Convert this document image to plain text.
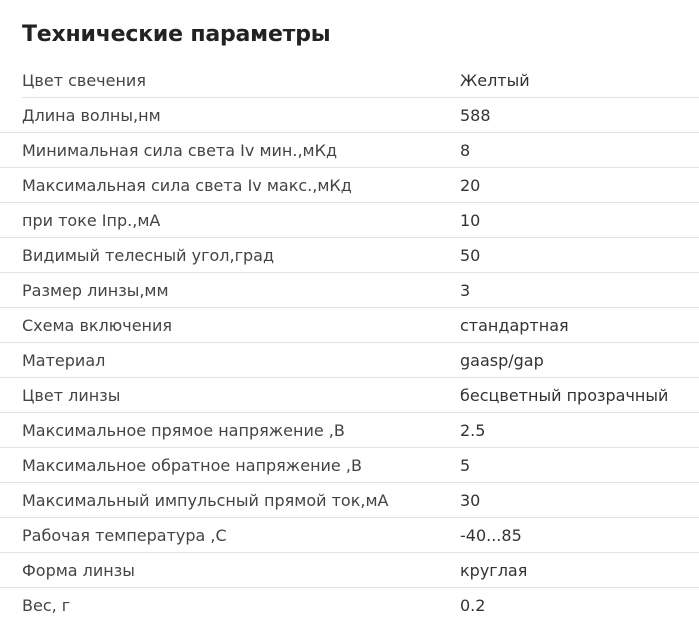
Технические параметры
Цвет свечения	Желтый
Длина волны,нм	588
Минимальная сила света Iv мин.,мКд	8
Максимальная сила света Iv макс.,мКд	20
при токе Iпр.,мА	10
Видимый телесный угол,град	50
Размер линзы,мм	3
Схема включения	стандартная
Материал	gaasp/gap
Цвет линзы	бесцветный прозрачный
Максимальное прямое напряжение ,В	2.5
Максимальное обратное напряжение ,В	5
Максимальный импульсный прямой ток,мА	30
Рабочая температура ,С	-40...85
Форма линзы	круглая
Вес, г	0.2
